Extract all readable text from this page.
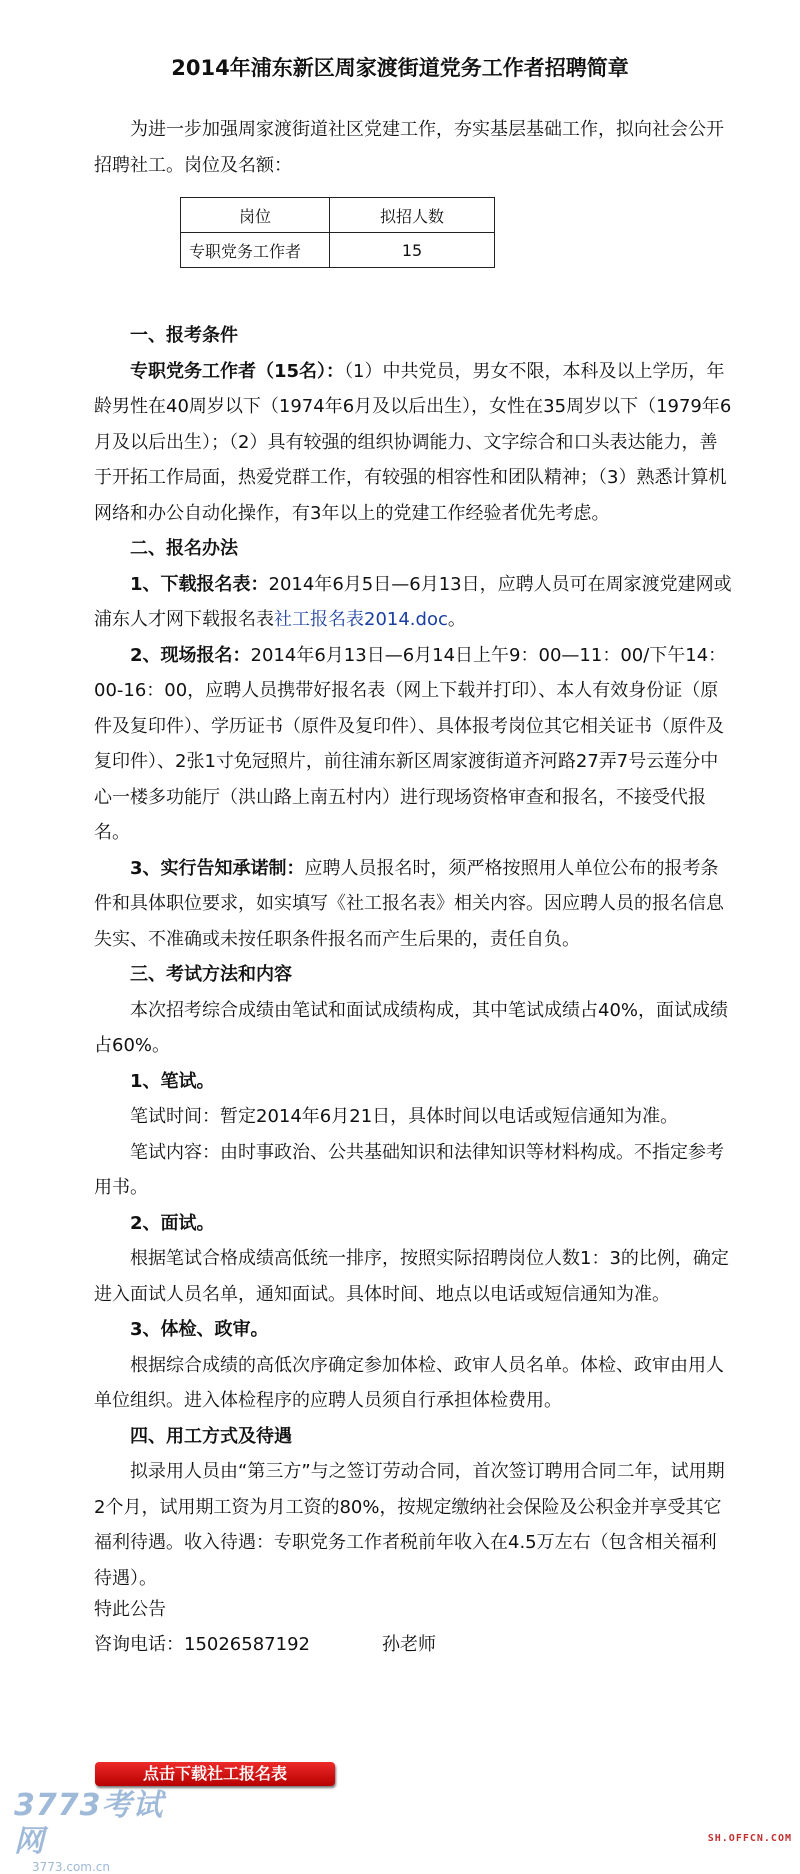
2014年浦东新区周家渡街道党务工作者招聘简章

为进一步加强周家渡街道社区党建工作，夯实基层基础工作，拟向社会公开招聘社工。岗位及名额：

岗位	拟招人数
专职党务工作者	15

一、报考条件

专职党务工作者（15名）：（1）中共党员，男女不限，本科及以上学历，年龄男性在40周岁以下（1974年6月及以后出生），女性在35周岁以下（1979年6月及以后出生）；（2）具有较强的组织协调能力、文字综合和口头表达能力，善于开拓工作局面，热爱党群工作，有较强的相容性和团队精神；（3）熟悉计算机网络和办公自动化操作，有3年以上的党建工作经验者优先考虑。

二、报名办法

1、下载报名表：2014年6月5日—6月13日，应聘人员可在周家渡党建网或浦东人才网下载报名表社工报名表2014.doc。

2、现场报名：2014年6月13日—6月14日上午9：00—11：00/下午14：00-16：00，应聘人员携带好报名表（网上下载并打印）、本人有效身份证（原件及复印件）、学历证书（原件及复印件）、具体报考岗位其它相关证书（原件及复印件）、2张1寸免冠照片，前往浦东新区周家渡街道齐河路27弄7号云莲分中心一楼多功能厅（洪山路上南五村内）进行现场资格审查和报名，不接受代报名。

3、实行告知承诺制：应聘人员报名时，须严格按照用人单位公布的报考条件和具体职位要求，如实填写《社工报名表》相关内容。因应聘人员的报名信息失实、不准确或未按任职条件报名而产生后果的，责任自负。

三、考试方法和内容

本次招考综合成绩由笔试和面试成绩构成，其中笔试成绩占40%，面试成绩占60%。

1、笔试。

笔试时间：暂定2014年6月21日，具体时间以电话或短信通知为准。

笔试内容：由时事政治、公共基础知识和法律知识等材料构成。不指定参考用书。

2、面试。

根据笔试合格成绩高低统一排序，按照实际招聘岗位人数1：3的比例，确定进入面试人员名单，通知面试。具体时间、地点以电话或短信通知为准。

3、体检、政审。

根据综合成绩的高低次序确定参加体检、政审人员名单。体检、政审由用人单位组织。进入体检程序的应聘人员须自行承担体检费用。

四、用工方式及待遇

拟录用人员由“第三方”与之签订劳动合同，首次签订聘用合同二年，试用期2个月，试用期工资为月工资的80%，按规定缴纳社会保险及公积金并享受其它福利待遇。收入待遇：专职党务工作者税前年收入在4.5万左右（包含相关福利待遇）。

特此公告

咨询电话：15026587192	孙老师

点击下载社工报名表
3773考试网
3773.com.cn
SH.OFFCN.COM
